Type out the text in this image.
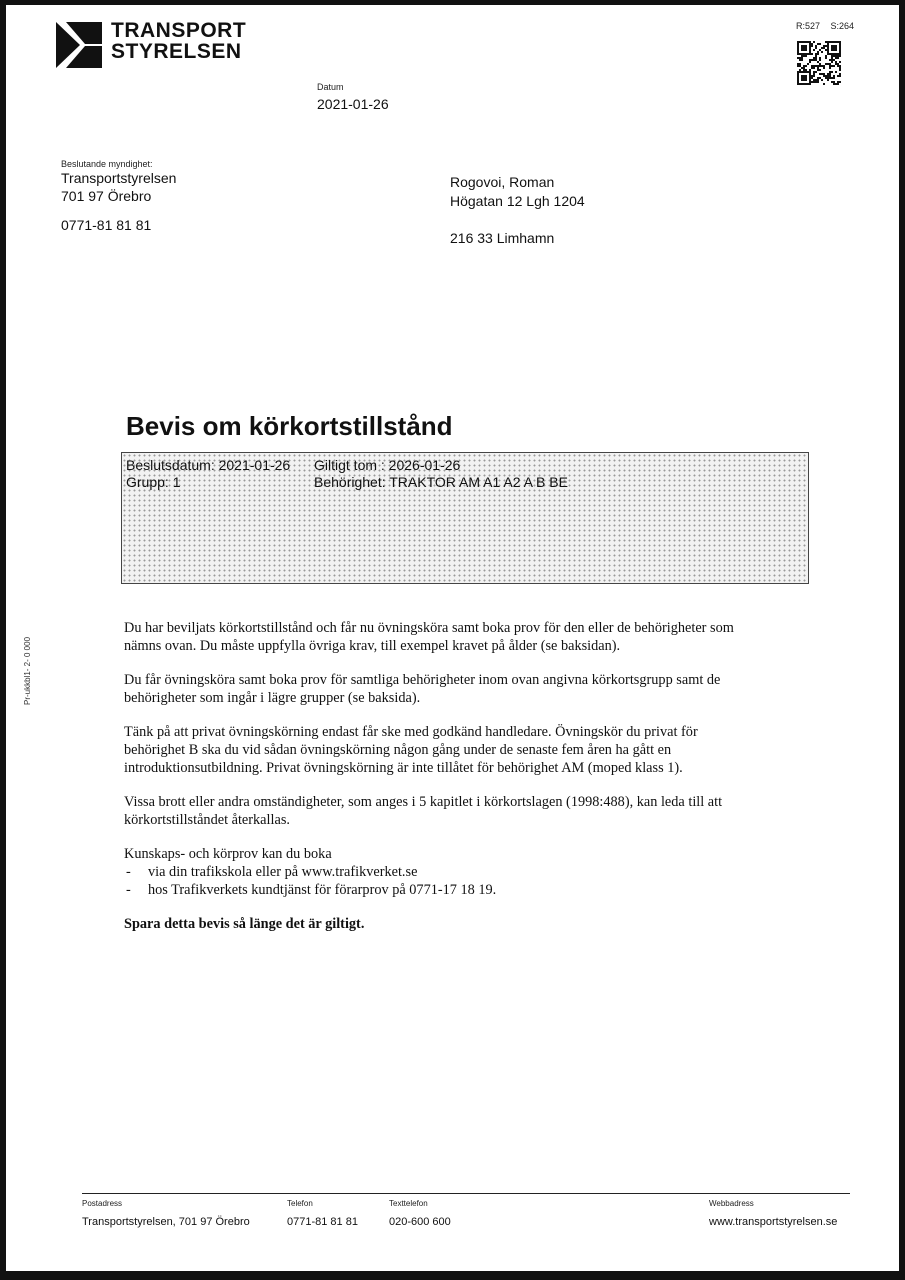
TRANSPORT
STYRELSEN
R:527 S:264
Datum
2021-01-26
Beslutande myndighet:
Transportstyrelsen
701 97 Örebro
0771-81 81 81
Rogovoi, Roman
Högatan 12 Lgh 1204
216 33 Limhamn
Pr-ukkbl1- 2- 0 000
Bevis om körkortstillstånd
Beslutsdatum: 2021-01-26 Giltigt tom : 2026-01-26
Grupp: 1	Behörighet: TRAKTOR AM A1 A2 A B BE

Du har beviljats körkortstillstånd och får nu övningsköra samt boka prov för den eller de behörigheter som nämns ovan. Du måste uppfylla övriga krav, till exempel kravet på ålder (se baksidan).

Du får övningsköra samt boka prov för samtliga behörigheter inom ovan angivna körkortsgrupp samt de behörigheter som ingår i lägre grupper (se baksida).

Tänk på att privat övningskörning endast får ske med godkänd handledare. Övningskör du privat för behörighet B ska du vid sådan övningskörning någon gång under de senaste fem åren ha gått en introduktionsutbildning. Privat övningskörning är inte tillåtet för behörighet AM (moped klass 1).

Vissa brott eller andra omständigheter, som anges i 5 kapitlet i körkortslagen (1998:488), kan leda till att körkortstillståndet återkallas.

Kunskaps- och körprov kan du boka
- via din trafikskola eller på www.trafikverket.se
- hos Trafikverkets kundtjänst för förarprov på 0771-17 18 19.

Spara detta bevis så länge det är giltigt.

Postadress
Transportstyrelsen, 701 97 Örebro
Telefon
0771-81 81 81
Texttelefon
020-600 600
Webbadress
www.transportstyrelsen.se
